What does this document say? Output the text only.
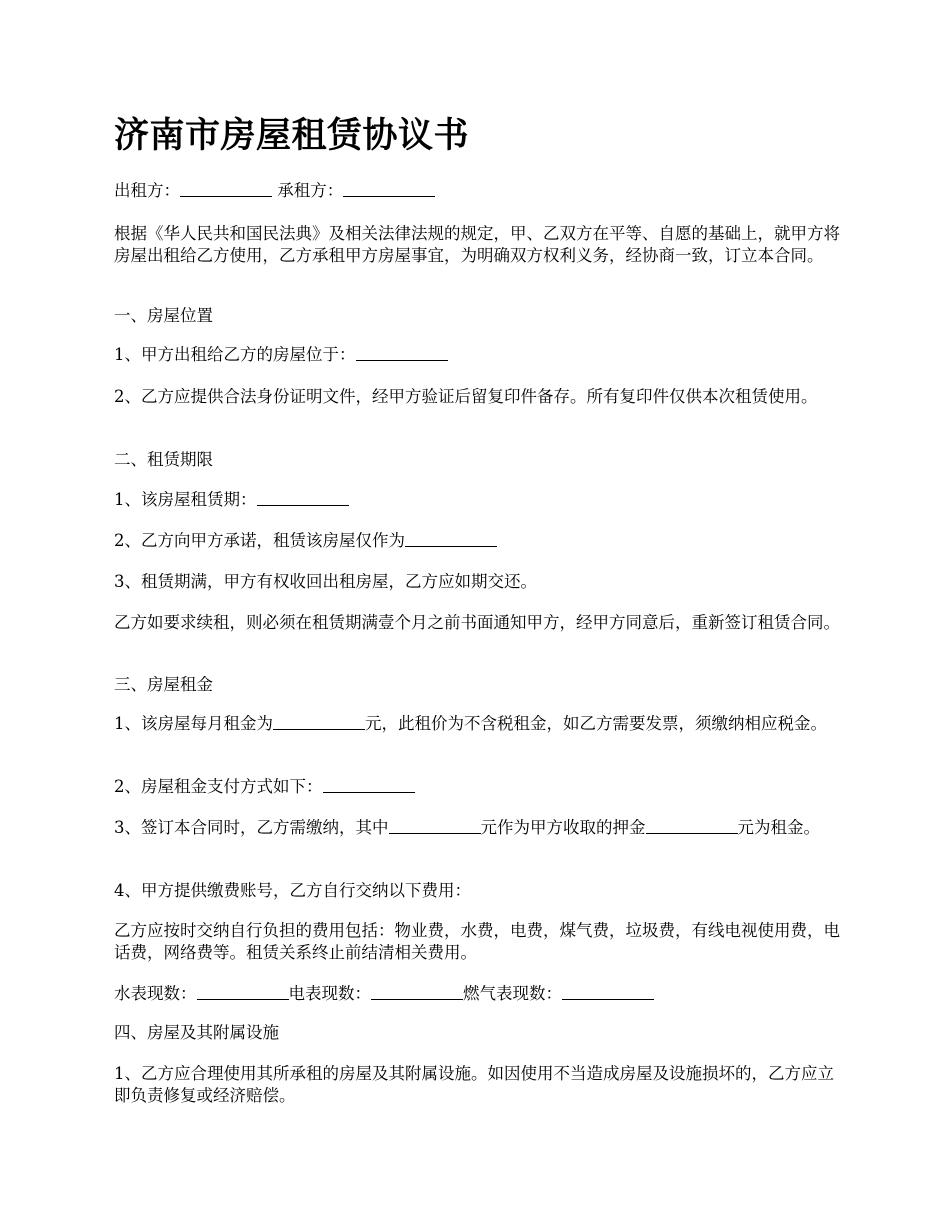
济南市房屋租赁协议书

出租方：	承租方：

根据《华人民共和国民法典》及相关法律法规的规定，甲、乙双方在平等、自愿的基础上，就甲方将房屋出租给乙方使用，乙方承租甲方房屋事宜，为明确双方权利义务，经协商一致，订立本合同。

一、房屋位置

1、甲方出租给乙方的房屋位于：

2、乙方应提供合法身份证明文件，经甲方验证后留复印件备存。所有复印件仅供本次租赁使用。

二、租赁期限

1、该房屋租赁期：

2、乙方向甲方承诺，租赁该房屋仅作为

3、租赁期满，甲方有权收回出租房屋，乙方应如期交还。

乙方如要求续租，则必须在租赁期满壹个月之前书面通知甲方，经甲方同意后，重新签订租赁合同。

三、房屋租金

1、该房屋每月租金为	元，此租价为不含税租金，如乙方需要发票，须缴纳相应税金。

2、房屋租金支付方式如下：

3、签订本合同时，乙方需缴纳，其中	元作为甲方收取的押金	元为租金。

4、甲方提供缴费账号，乙方自行交纳以下费用：

乙方应按时交纳自行负担的费用包括：物业费，水费，电费，煤气费，垃圾费，有线电视使用费，电话费，网络费等。租赁关系终止前结清相关费用。

水表现数：	电表现数：	燃气表现数：

四、房屋及其附属设施

1、乙方应合理使用其所承租的房屋及其附属设施。如因使用不当造成房屋及设施损坏的，乙方应立即负责修复或经济赔偿。
